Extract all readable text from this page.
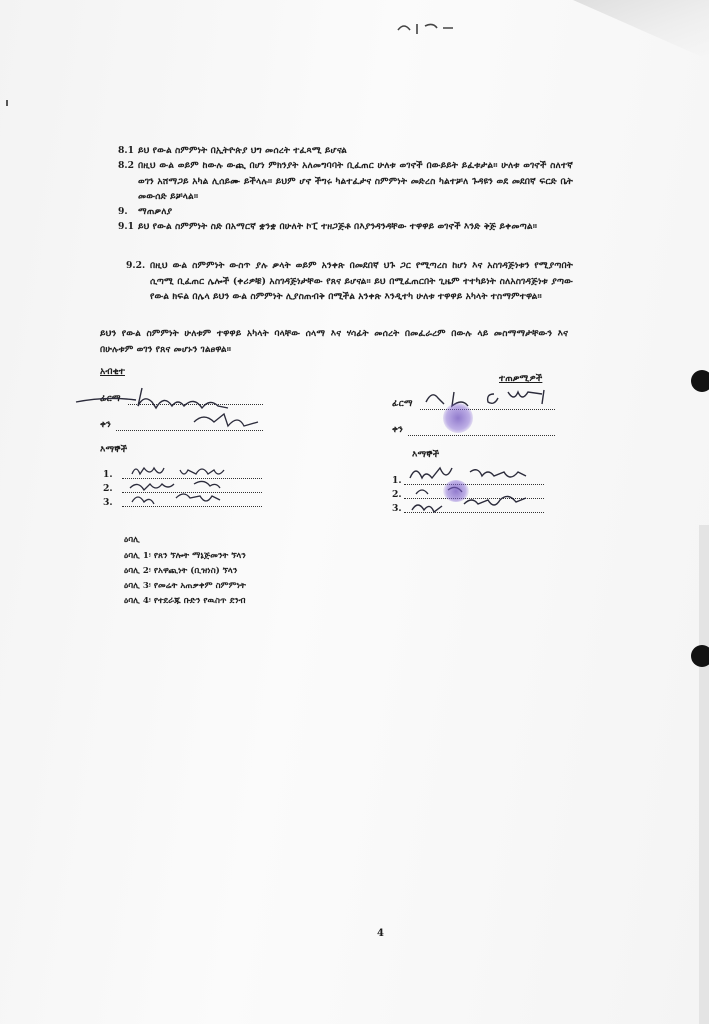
8.1 ይህ የውል ስምምነት በኢትዮጵያ ህግ መሰረት ተፈጻሚ ይሆናል
8.2 በዚህ ውል ወይም ከውሉ ውጪ በሆነ ምክንያት አለመግባባት ቢፈጠር ሁለቱ ወገኖች በውይይት ይፈቱታል። ሁለቱ ወገኖች ስለተኛ ወገን አሸማጋይ አካል ሊሰይሙ ይችላሉ። ይህም ሆኖ ችግሩ ካልተፈታና ስምምነት መድረስ ካልተቻለ ጉዳዩን ወደ መደበኛ ፍርድ ቤት መውሰድ ይቻላል።
9. ማጠቃለያ
9.1 ይህ የውል ስምምነት ስድ በአማርኛ ቋንቋ በሁለት ኮፒ ተዘጋጅቶ በእያንዳንዳቸው ተዋዋይ ወገኖች እንድ ቅጅ ይቀመጣል።
9.2. በዚህ ውል ስምምነት ውስጥ ያሉ ቃላት ወይም አንቀጽ በመደበኛ ህጉ ጋር የሚጣረስ ከሆነ እና አስገዳጅነቱን የሚያጣበት ሲጣሚ ቢፈጠር ሌሎች (ቀሪዎቹ) አስገዳጅነታቸው የጸና ይሆናል። ይህ በሚፈጠርበት ጊዜም ተተካይነት ስለአስገዳጅነቱ ያጣው የውል ክፍል በሌላ ይህን ውል ስምምነት ሊያስጠብቅ በሚችል አንቀጽ እንዲተካ ሁለቱ ተዋዋይ አካላት ተስማምተዋል።
ይህን የውል ስምምነት ሁለቱም ተዋዋይ አካላት ባላቸው ሰላማ እና ሃሳፊት መሰረት በመፈራረም በውሉ ላይ መስማማታቸውን እና በሁሉቱም ወገን የጸና መሆኑን ገልፀዋል።
አብቂተ
ፊርማ
ቀን
ተጠቃሚዎች
ፊርማ
ቀን
እማኞች
1.
2.
3.
እማኞች
1.
2.
3.
ዕባሊ
ዕባሊ 1፡ የጸን ኘሎት ማኔጅመንት ኘላን
ዕባሊ 2፡ የአዋጪነት (ቢዝነስ) ኘላን
ዕባሊ 3፡ የመሬት አጠቃቀም ስምምነት
ዕባሊ 4፡ የተደራጁ ቡድን የዉስጥ ደንብ
4
